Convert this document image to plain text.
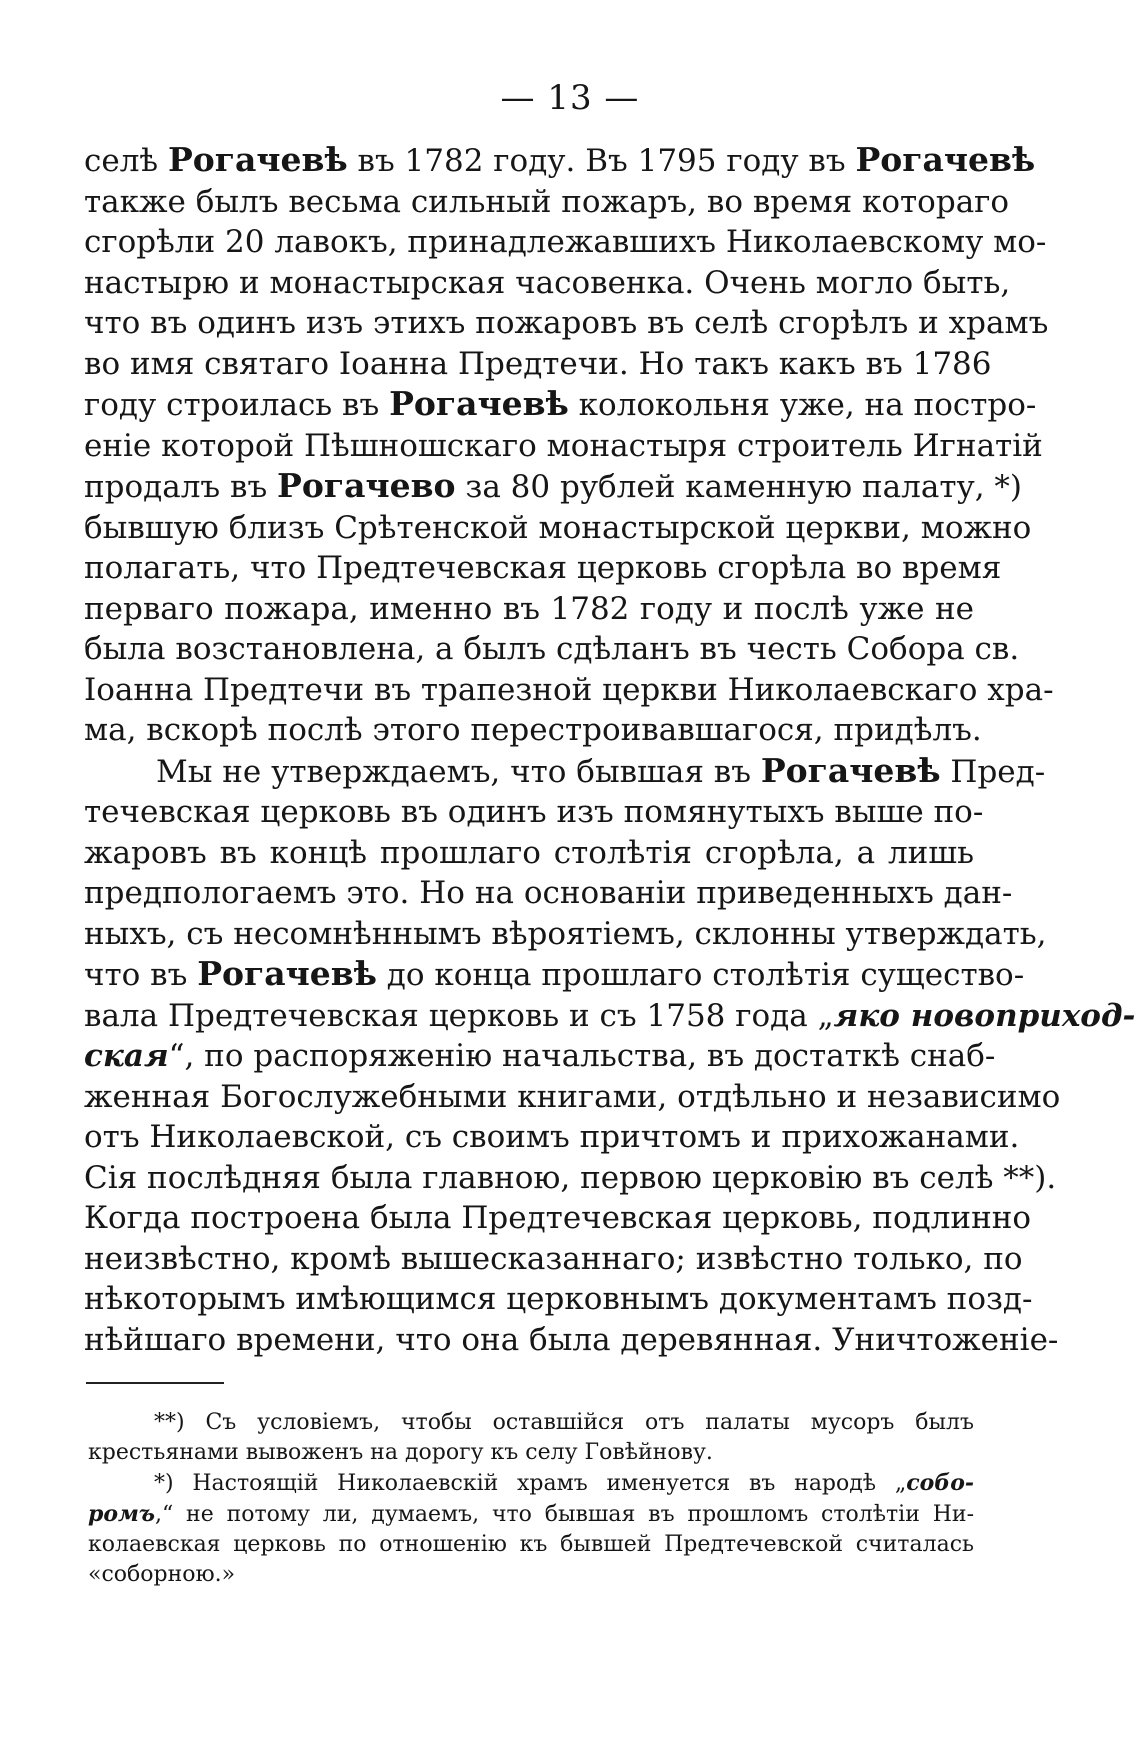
— 13 —

селѣ Рогачевѣ въ 1782 году. Въ 1795 году въ Рогачевѣ
также былъ весьма сильный пожаръ, во время котораго
сгорѣли 20 лавокъ, принадлежавшихъ Николаевскому мо-
настырю и монастырская часовенка. Очень могло быть,
что въ одинъ изъ этихъ пожаровъ въ селѣ сгорѣлъ и храмъ
во имя святаго Іоанна Предтечи. Но такъ какъ въ 1786
году строилась въ Рогачевѣ колокольня уже, на постро-
еніе которой Пѣшношскаго монастыря строитель Игнатій
продалъ въ Рогачево за 80 рублей каменную палату, *)
бывшую близъ Срѣтенской монастырской церкви, можно
полагать, что Предтечевская церковь сгорѣла во время
перваго пожара, именно въ 1782 году и послѣ уже не
была возстановлена, а былъ сдѣланъ въ честь Собора св.
Іоанна Предтечи въ трапезной церкви Николаевскаго хра-
ма, вскорѣ послѣ этого перестроивавшагося, придѣлъ.

Мы не утверждаемъ, что бывшая въ Рогачевѣ Пред-
течевская церковь въ одинъ изъ помянутыхъ выше по-
жаровъ въ концѣ прошлаго столѣтія сгорѣла, а лишь
предпологаемъ это. Но на основаніи приведенныхъ дан-
ныхъ, съ несомнѣннымъ вѣроятіемъ, склонны утверждать,
что въ Рогачевѣ до конца прошлаго столѣтія существо-
вала Предтечевская церковь и съ 1758 года „яко новоприход-
ская“, по распоряженію начальства, въ достаткѣ снаб-
женная Богослужебными книгами, отдѣльно и независимо
отъ Николаевской, съ своимъ причтомъ и прихожанами.
Сія послѣдняя была главною, первою церковію въ селѣ **).
Когда построена была Предтечевская церковь, подлинно
неизвѣстно, кромѣ вышесказаннаго; извѣстно только, по
нѣкоторымъ имѣющимся церковнымъ документамъ позд-
нѣйшаго времени, что она была деревянная. Уничтоженіе-

**) Съ условіемъ, чтобы оставшійся отъ палаты мусоръ былъ
крестьянами вывоженъ на дорогу къ селу Говѣйнову.

*) Настоящій Николаевскій храмъ именуется въ народѣ „собо-
ромъ,“ не потому ли, думаемъ, что бывшая въ прошломъ столѣтіи Ни-
колаевская церковь по отношенію къ бывшей Предтечевской считалась
«соборною.»
